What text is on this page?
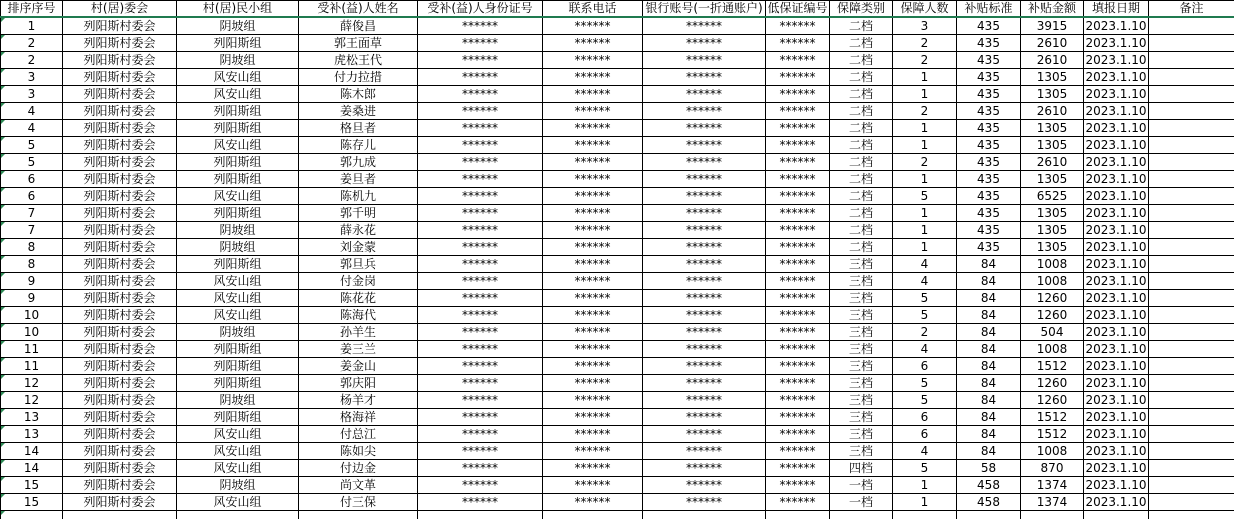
排序序号	村(居)委会	村(居)民小组	受补(益)人姓名	受补(益)人身份证号	联系电话	银行账号(一折通账户)	低保证编号	保障类别	保障人数	补贴标准	补贴金额	填报日期	备注
1	列阳斯村委会	阴坡组	薛俊昌	******	******	******	******	二档	3	435	3915	2023.1.10	
2	列阳斯村委会	列阳斯组	郭王面草	******	******	******	******	二档	2	435	2610	2023.1.10	
2	列阳斯村委会	阴坡组	虎松王代	******	******	******	******	二档	2	435	2610	2023.1.10	
3	列阳斯村委会	风安山组	付力拉措	******	******	******	******	二档	1	435	1305	2023.1.10	
3	列阳斯村委会	风安山组	陈木郎	******	******	******	******	二档	1	435	1305	2023.1.10	
4	列阳斯村委会	列阳斯组	姜桑进	******	******	******	******	二档	2	435	2610	2023.1.10	
4	列阳斯村委会	列阳斯组	格旦者	******	******	******	******	二档	1	435	1305	2023.1.10	
5	列阳斯村委会	风安山组	陈存儿	******	******	******	******	二档	1	435	1305	2023.1.10	
5	列阳斯村委会	列阳斯组	郭九成	******	******	******	******	二档	2	435	2610	2023.1.10	
6	列阳斯村委会	列阳斯组	姜旦者	******	******	******	******	二档	1	435	1305	2023.1.10	
6	列阳斯村委会	风安山组	陈机九	******	******	******	******	二档	5	435	6525	2023.1.10	
7	列阳斯村委会	列阳斯组	郭千明	******	******	******	******	二档	1	435	1305	2023.1.10	
7	列阳斯村委会	阴坡组	薛永花	******	******	******	******	二档	1	435	1305	2023.1.10	
8	列阳斯村委会	阴坡组	刘金蒙	******	******	******	******	二档	1	435	1305	2023.1.10	
8	列阳斯村委会	列阳斯组	郭旦兵	******	******	******	******	三档	4	84	1008	2023.1.10	
9	列阳斯村委会	风安山组	付金岗	******	******	******	******	三档	4	84	1008	2023.1.10	
9	列阳斯村委会	风安山组	陈花花	******	******	******	******	三档	5	84	1260	2023.1.10	
10	列阳斯村委会	风安山组	陈海代	******	******	******	******	三档	5	84	1260	2023.1.10	
10	列阳斯村委会	阴坡组	孙羊生	******	******	******	******	三档	2	84	504	2023.1.10	
11	列阳斯村委会	列阳斯组	姜三兰	******	******	******	******	三档	4	84	1008	2023.1.10	
11	列阳斯村委会	列阳斯组	姜金山	******	******	******	******	三档	6	84	1512	2023.1.10	
12	列阳斯村委会	列阳斯组	郭庆阳	******	******	******	******	三档	5	84	1260	2023.1.10	
12	列阳斯村委会	阴坡组	杨羊才	******	******	******	******	三档	5	84	1260	2023.1.10	
13	列阳斯村委会	列阳斯组	格海祥	******	******	******	******	三档	6	84	1512	2023.1.10	
13	列阳斯村委会	风安山组	付总江	******	******	******	******	三档	6	84	1512	2023.1.10	
14	列阳斯村委会	风安山组	陈如尖	******	******	******	******	三档	4	84	1008	2023.1.10	
14	列阳斯村委会	风安山组	付边金	******	******	******	******	四档	5	58	870	2023.1.10	
15	列阳斯村委会	阴坡组	尚文革	******	******	******	******	一档	1	458	1374	2023.1.10	
15	列阳斯村委会	风安山组	付三保	******	******	******	******	一档	1	458	1374	2023.1.10	
